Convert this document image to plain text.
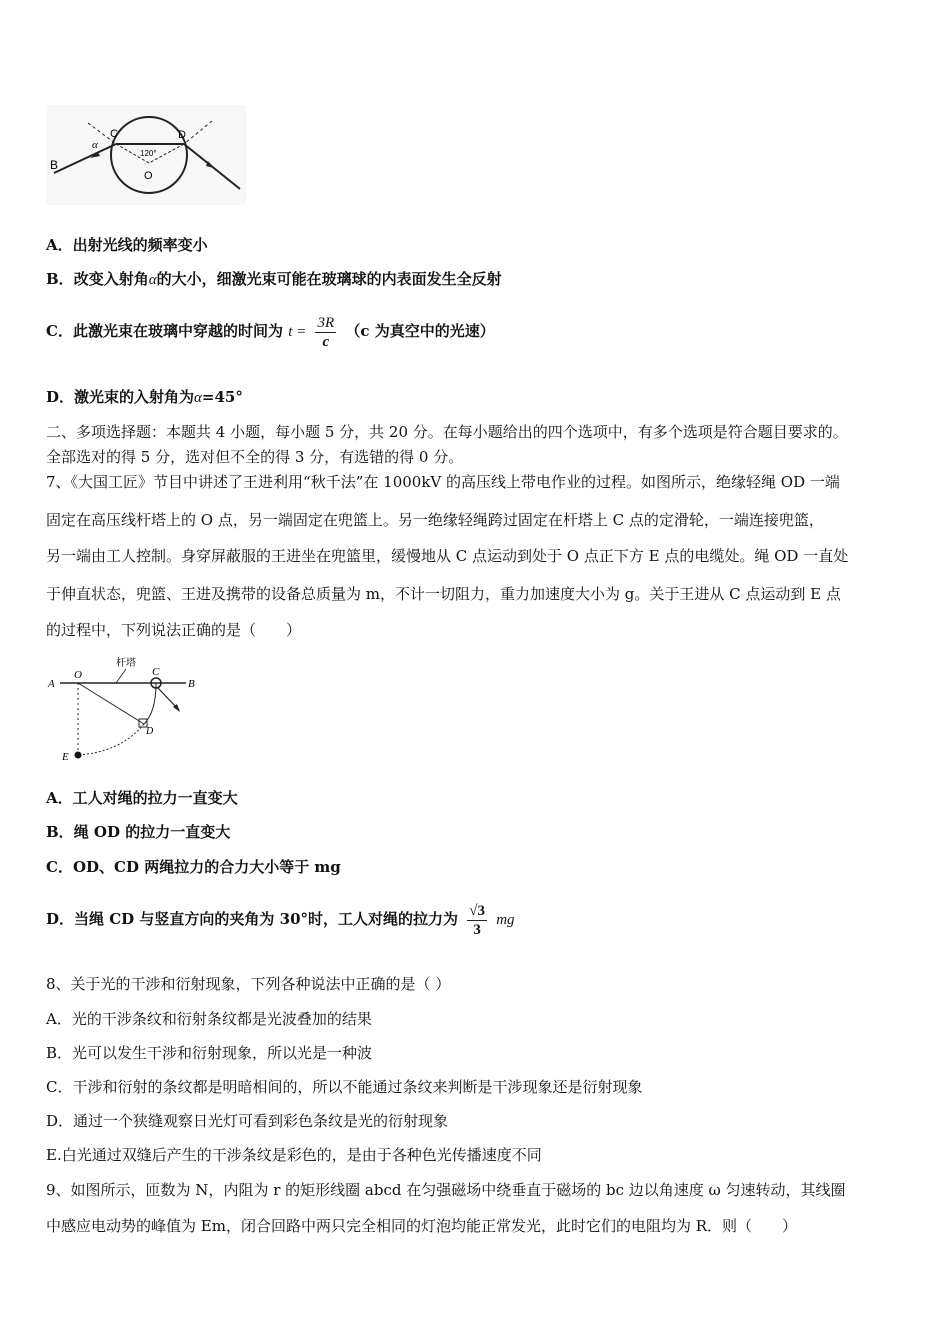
B
C	D
O
α
120°
A．出射光线的频率变小
B．改变入射角α的大小，细激光束可能在玻璃球的内表面发生全反射
C．此激光束在玻璃中穿越的时间为 $t = \frac{3R}{c} (c$ 为真空中的光速）
D．激光束的入射角为α=45°
二、多项选择题：本题共 4 小题，每小题 5 分，共 20 分。在每小题给出的四个选项中，有多个选项是符合题目要求的。
全部选对的得 5 分，选对但不全的得 3 分，有选错的得 0 分。
7、《大国工匠》节目中讲述了王进利用“秋千法”在 1000kV 的高压线上带电作业的过程。如图所示，绝缘轻绳 OD 一端
固定在高压线杆塔上的 O 点，另一端固定在兜篮上。另一绝缘轻绳跨过固定在杆塔上 C 点的定滑轮，一端连接兜篮，
另一端由工人控制。身穿屏蔽服的王进坐在兜篮里，缓慢地从 C 点运动到处于 O 点正下方 E 点的电缆处。绳 OD 一直处
于伸直状态，兜篮、王进及携带的设备总质量为 m，不计一切阻力，重力加速度大小为 g。关于王进从 C 点运动到 E 点
的过程中，下列说法正确的是（　　）
A
O	C
B
D
E
杆塔
A．工人对绳的拉力一直变大
B．绳 OD 的拉力一直变大
C．OD、CD 两绳拉力的合力大小等于 mg
D．当绳 CD 与竖直方向的夹角为 30°时，工人对绳的拉力为 $\frac{√3}{3}$ mg
8、关于光的干涉和衍射现象，下列各种说法中正确的是（ ）
A．光的干涉条纹和衍射条纹都是光波叠加的结果
B．光可以发生干涉和衍射现象，所以光是一种波
C．干涉和衍射的条纹都是明暗相间的，所以不能通过条纹来判断是干涉现象还是衍射现象
D．通过一个狭缝观察日光灯可看到彩色条纹是光的衍射现象
E.白光通过双缝后产生的干涉条纹是彩色的，是由于各种色光传播速度不同
9、如图所示，匝数为 N，内阻为 r 的矩形线圈 abcd 在匀强磁场中绕垂直于磁场的 bc 边以角速度 ω 匀速转动，其线圈
中感应电动势的峰值为 Em，闭合回路中两只完全相同的灯泡均能正常发光，此时它们的电阻均为 R．则（　　）
